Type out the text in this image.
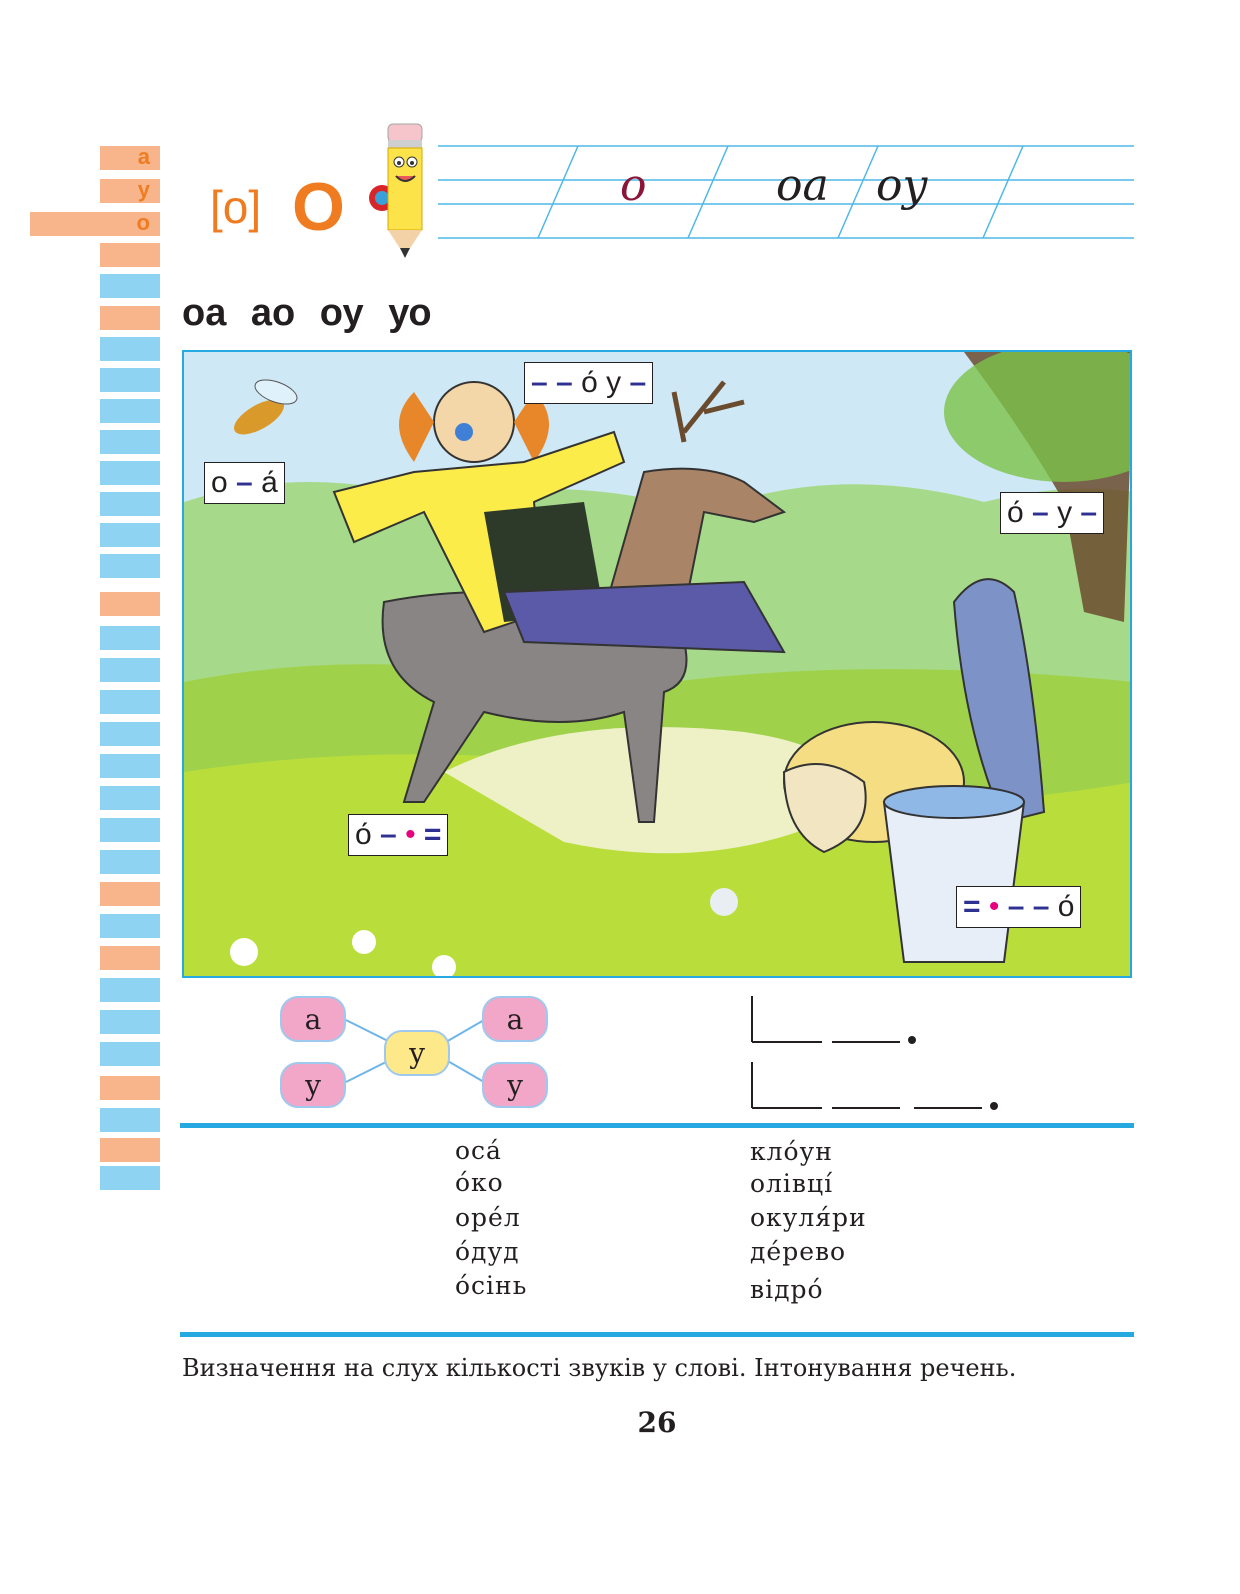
а
у
о [о] О	о	оа оу
оа ао оу уо
– – о у –
о – а
о – у –
о – • =
= • – – о
а
у
у
а
у
оса́
о́ко
оре́л
о́дуд
о́сінь
кло́ун
олівці́
окуля́ри
де́рево
відро́
Визначення на слух кількості звуків у слові. Інтонування речень.
26
